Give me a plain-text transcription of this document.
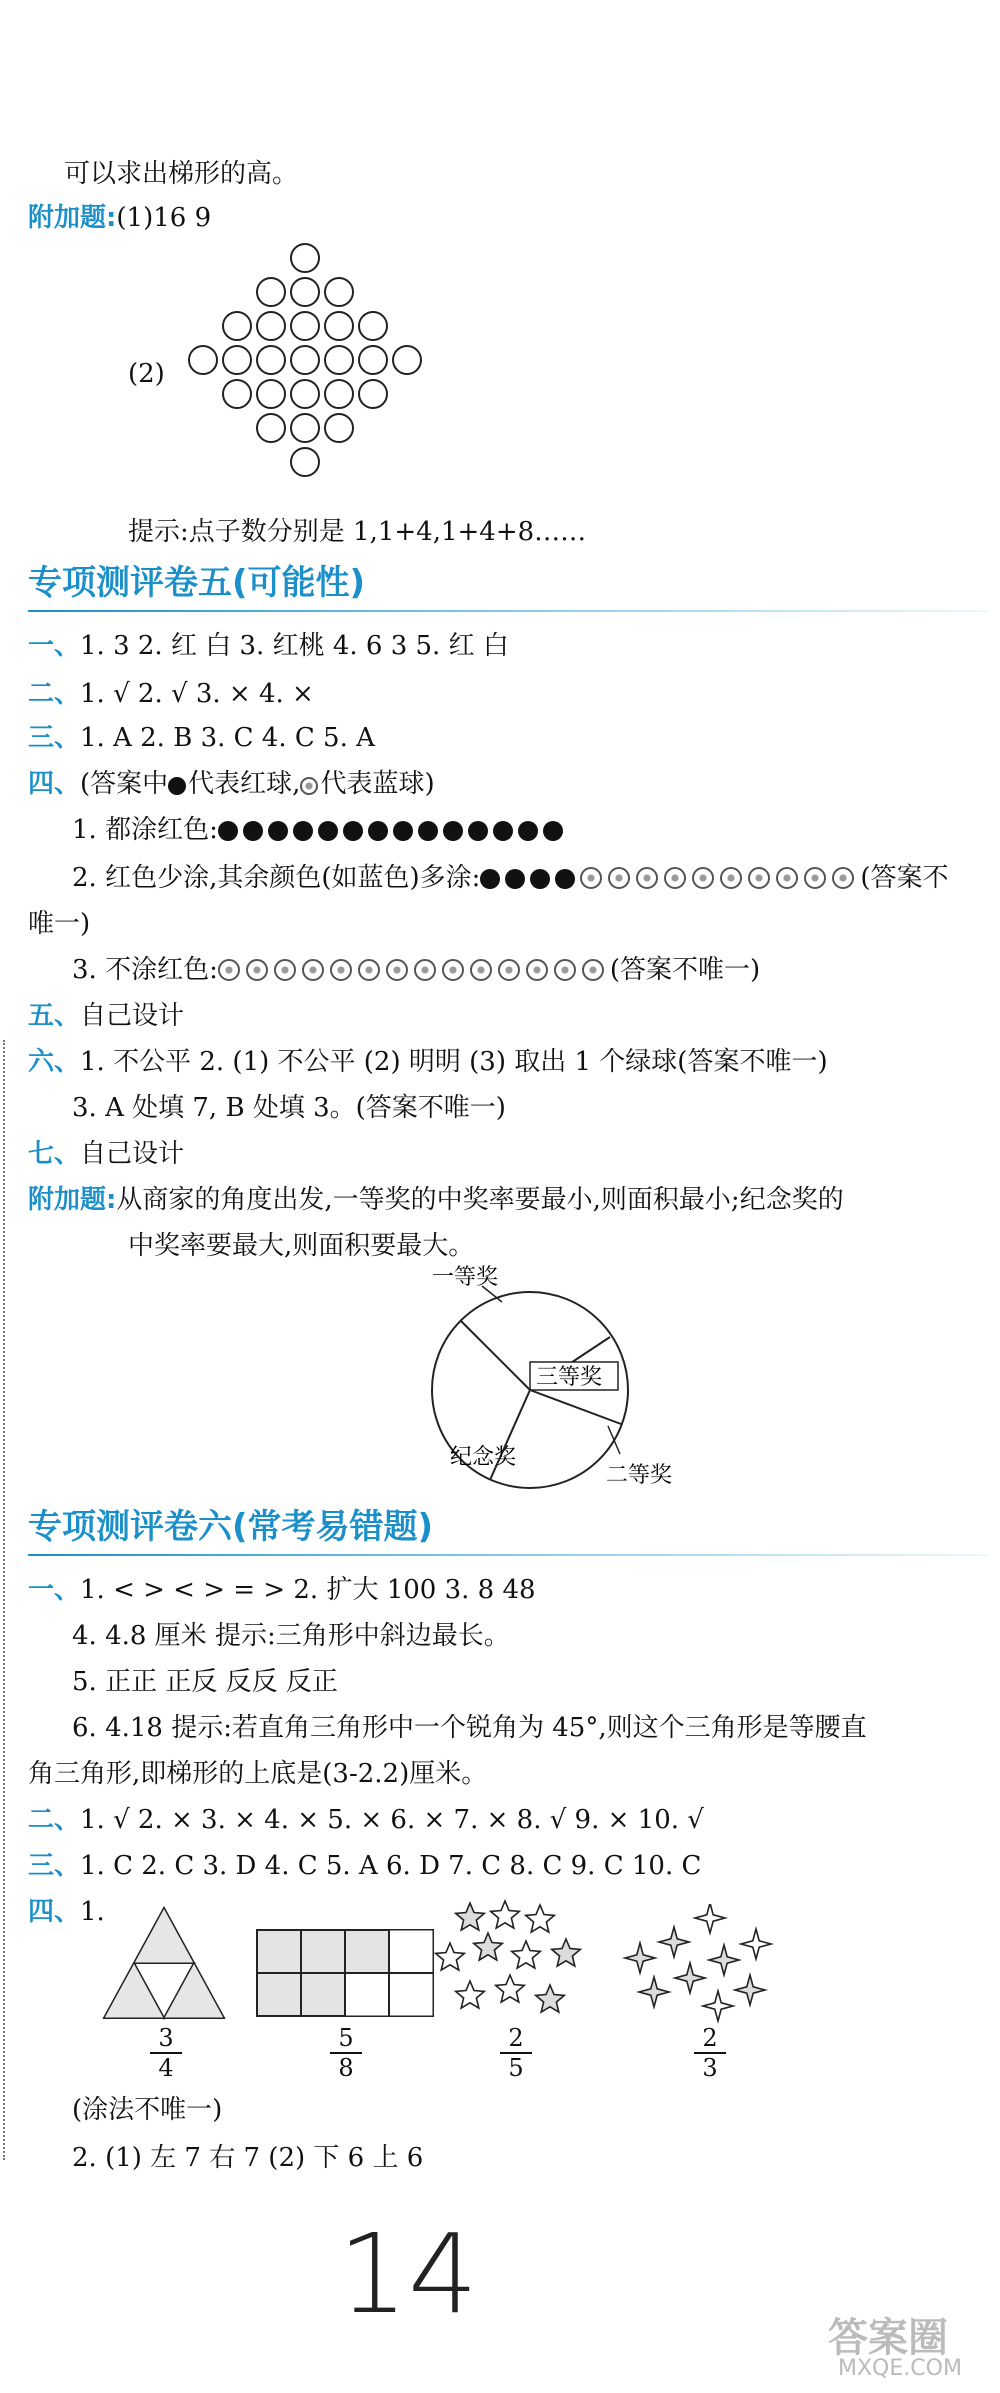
可以求出梯形的高。
附加题:(1)16 9
(2)
提示:点子数分别是 1,1+4,1+4+8……
专项测评卷五(可能性)
一、1. 3 2. 红 白 3. 红桃 4. 6 3 5. 红 白
二、1. √ 2. √ 3. × 4. ×
三、1. A 2. B 3. C 4. C 5. A
四、(答案中 代表红球, 代表蓝球)
1. 都涂红色:
2. 红色少涂,其余颜色(如蓝色)多涂:	(答案不
唯一)
3. 不涂红色:	(答案不唯一)
五、自己设计
六、1. 不公平 2. (1) 不公平 (2) 明明 (3) 取出 1 个绿球(答案不唯一)
3. A 处填 7, B 处填 3。(答案不唯一)
七、自己设计
附加题:从商家的角度出发,一等奖的中奖率要最小,则面积最小;纪念奖的
中奖率要最大,则面积要最大。
一等奖
三等奖
纪念奖
二等奖
专项测评卷六(常考易错题)
一、1. < > < > = > 2. 扩大 100 3. 8 48
4. 4.8 厘米 提示:三角形中斜边最长。
5. 正正 正反 反反 反正
6. 4.18 提示:若直角三角形中一个锐角为 45°,则这个三角形是等腰直
角三角形,即梯形的上底是(3-2.2)厘米。
二、1. √ 2. × 3. × 4. × 5. × 6. × 7. × 8. √ 9. × 10. √
三、1. C 2. C 3. D 4. C 5. A 6. D 7. C 8. C 9. C 10. C
四、1.
3
4
5
8
2
5
2
3
(涂法不唯一)
2. (1) 左 7 右 7 (2) 下 6 上 6
14	答案圈
MXQE.COM
